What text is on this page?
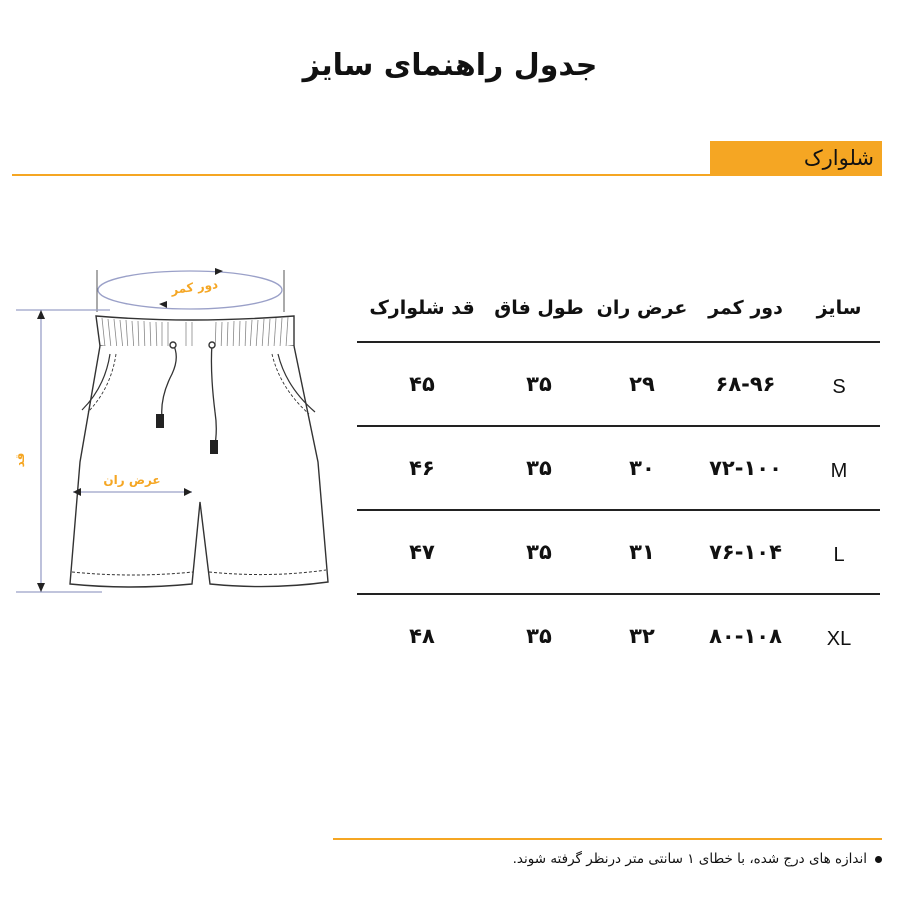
جدول راهنمای سایز
شلوارک
دور کمر
عرض ران
قد
سایز	دور کمر	عرض ران	طول فاق	قد شلوارک
S	۶۸-۹۶	۲۹	۳۵	۴۵
M	۷۲-۱۰۰	۳۰	۳۵	۴۶
L	۷۶-۱۰۴	۳۱	۳۵	۴۷
XL	۸۰-۱۰۸	۳۲	۳۵	۴۸
اندازه های درج شده، با خطای ۱ سانتی متر درنظر گرفته شوند.
